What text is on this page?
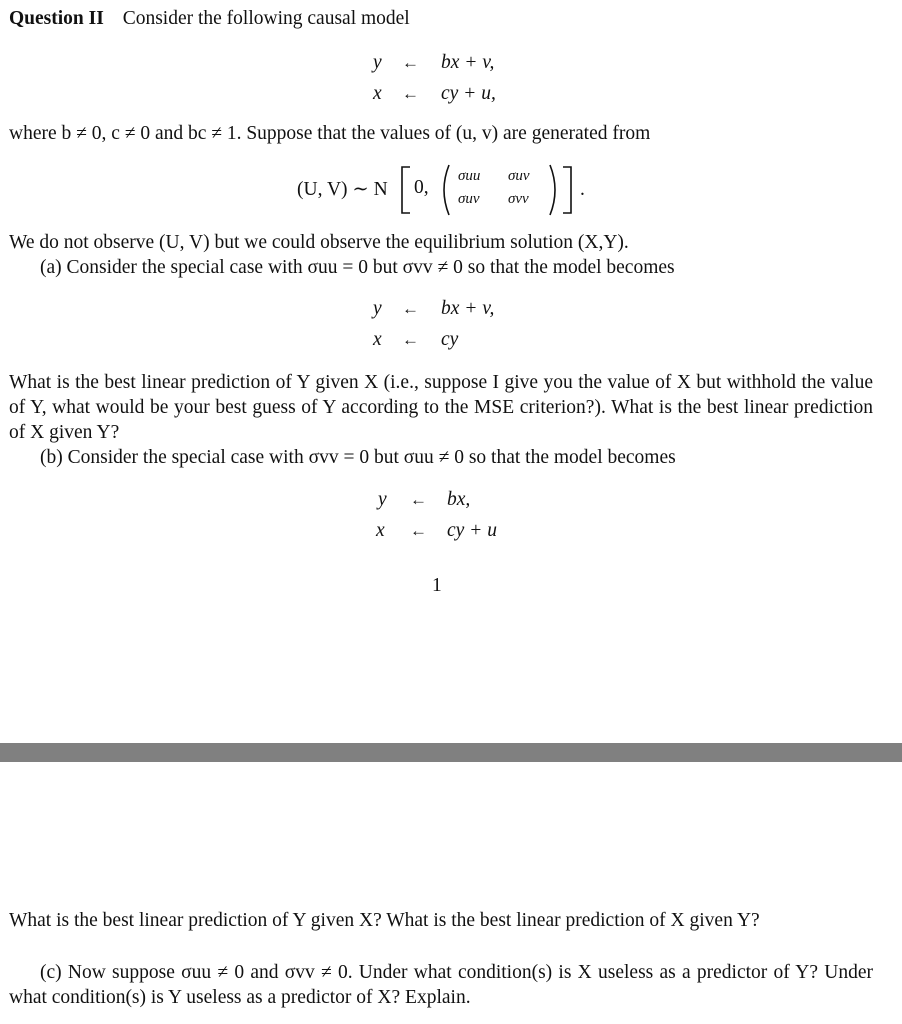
Question II Consider the following causal model
y ← bx + v,
x ← cy + u,
where b ≠ 0, c ≠ 0 and bc ≠ 1. Suppose that the values of (u, v) are generated from
(U, V) ∼ N 0,
σuu σuv
σuv σvv	.
We do not observe (U, V) but we could observe the equilibrium solution (X,Y).
(a) Consider the special case with σuu = 0 but σvv ≠ 0 so that the model becomes
y ← bx + v,
x ← cy
What is the best linear prediction of Y given X (i.e., suppose I give you the value of X but withhold the value of Y, what would be your best guess of Y according to the MSE criterion?). What is the best linear prediction of X given Y?
(b) Consider the special case with σvv = 0 but σuu ≠ 0 so that the model becomes
y ← bx,
x ← cy + u
1
What is the best linear prediction of Y given X? What is the best linear prediction of X given Y?
(c) Now suppose σuu ≠ 0 and σvv ≠ 0. Under what condition(s) is X useless as a predictor of Y? Under what condition(s) is Y useless as a predictor of X? Explain.
